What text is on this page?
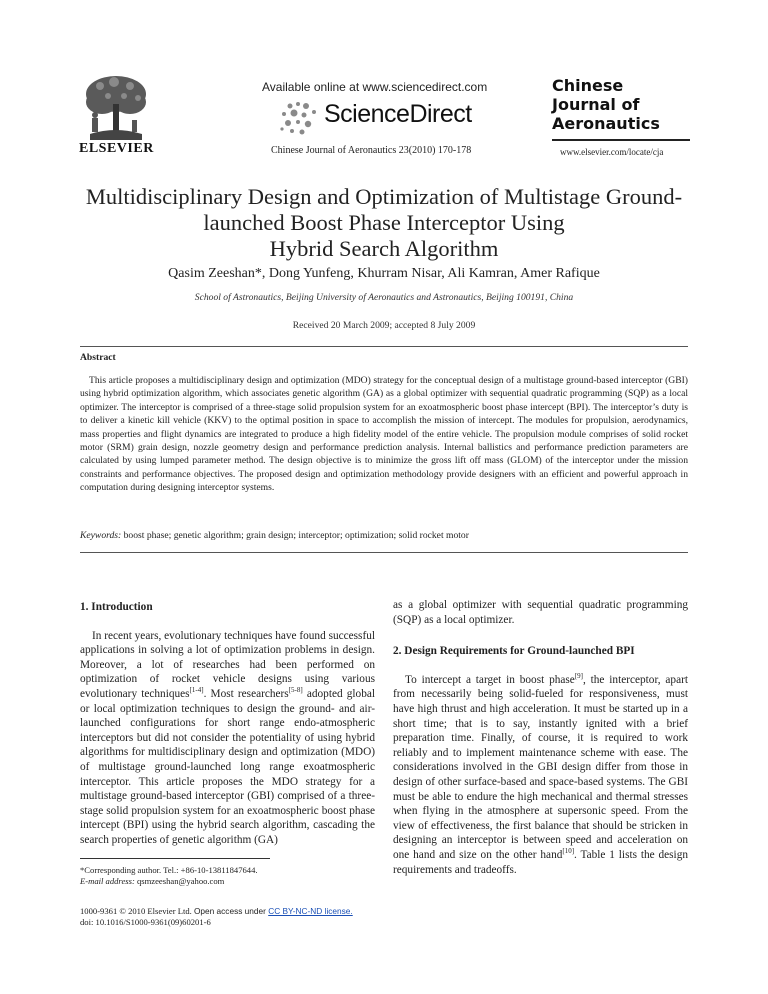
ELSEVIER
Available online at www.sciencedirect.com
ScienceDirect
Chinese Journal of Aeronautics 23(2010) 170-178
Chinese
Journal of
Aeronautics
www.elsevier.com/locate/cja
Multidisciplinary Design and Optimization of Multistage Ground-
launched Boost Phase Interceptor Using
Hybrid Search Algorithm
Qasim Zeeshan*, Dong Yunfeng, Khurram Nisar, Ali Kamran, Amer Rafique
School of Astronautics, Beijing University of Aeronautics and Astronautics, Beijing 100191, China
Received 20 March 2009; accepted 8 July 2009
Abstract
This article proposes a multidisciplinary design and optimization (MDO) strategy for the conceptual design of a multistage ground-based interceptor (GBI) using hybrid optimization algorithm, which associates genetic algorithm (GA) as a global optimizer with sequential quadratic programming (SQP) as a local optimizer. The interceptor is comprised of a three-stage solid propulsion system for an exoatmospheric boost phase intercept (BPI). The interceptor’s duty is to deliver a kinetic kill vehicle (KKV) to the optimal position in space to accomplish the mission of intercept. The modules for propulsion, aerodynamics, mass properties and flight dynamics are integrated to produce a high fidelity model of the entire vehicle. The propulsion module comprises of solid rocket motor (SRM) grain design, nozzle geometry design and performance prediction analysis. Internal ballistics and performance prediction parameters are calculated by using lumped parameter method. The design objective is to minimize the gross lift off mass (GLOM) of the interceptor under the mission constraints and performance objectives. The proposed design and optimization methodology provide designers with an efficient and powerful approach in computation during designing interceptor systems.
Keywords: boost phase; genetic algorithm; grain design; interceptor; optimization; solid rocket motor
1. Introduction
In recent years, evolutionary techniques have found successful applications in solving a lot of optimization problems in design. Moreover, a lot of researches had been performed on optimization of rocket vehicle designs using various evolutionary techniques[1-4]. Most researchers[5-8] adopted global or local optimization techniques to design the ground- and air-launched configurations for short range endo-atmospheric interceptors but did not consider the potentiality of using hybrid algorithms for multidisciplinary design and optimization (MDO) of multistage ground-launched long range exoatmospheric interceptor. This article proposes the MDO strategy for a multistage ground-based interceptor (GBI) comprised of a three-stage solid propulsion system for an exoatmospheric boost phase intercept (BPI) using the hybrid search algorithm, cascading the search properties of genetic algorithm (GA)
*Corresponding author. Tel.: +86-10-13811847644.
E-mail address: qsmzeeshan@yahoo.com
1000-9361 © 2010 Elsevier Ltd. Open access under CC BY-NC-ND license.
doi: 10.1016/S1000-9361(09)60201-6
as a global optimizer with sequential quadratic programming (SQP) as a local optimizer.
2. Design Requirements for Ground-launched BPI
To intercept a target in boost phase[9], the interceptor, apart from necessarily being solid-fueled for responsiveness, must have high thrust and high acceleration. It must be started up in a short time; that is to say, instantly ignited with a brief preparation time. Finally, of course, it is required to work reliably and to implement maintenance scheme with ease. The considerations involved in the GBI design differ from those in design of other surface-based and space-based systems. The GBI must be able to endure the high mechanical and thermal stresses when flying in the atmosphere at supersonic speed. From the view of effectiveness, the first balance that should be stricken in designing an interceptor is between speed and acceleration on one hand and size on the other hand[10]. Table 1 lists the design requirements and tradeoffs.
